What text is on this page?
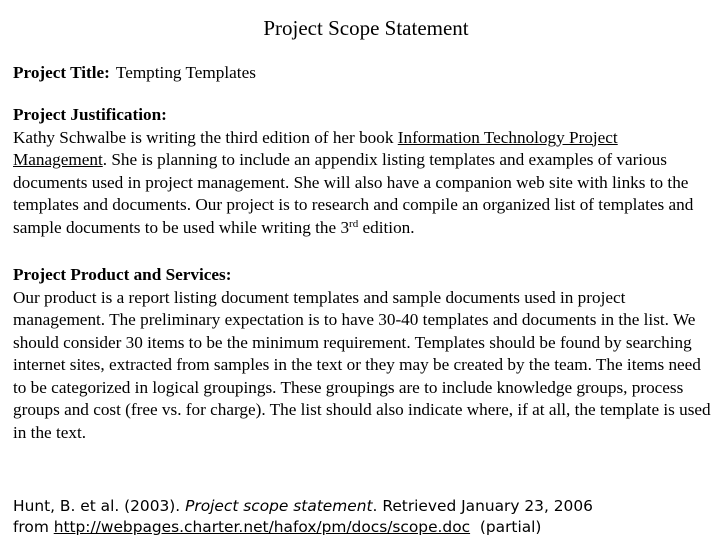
Project Scope Statement
Project Title: Tempting Templates
Project Justification:
Kathy Schwalbe is writing the third edition of her book Information Technology Project Management. She is planning to include an appendix listing templates and examples of various documents used in project management. She will also have a companion web site with links to the templates and documents. Our project is to research and compile an organized list of templates and sample documents to be used while writing the 3rd edition.
Project Product and Services:
Our product is a report listing document templates and sample documents used in project management. The preliminary expectation is to have 30-40 templates and documents in the list. We should consider 30 items to be the minimum requirement. Templates should be found by searching internet sites, extracted from samples in the text or they may be created by the team. The items need to be categorized in logical groupings. These groupings are to include knowledge groups, process groups and cost (free vs. for charge). The list should also indicate where, if at all, the template is used in the text.
Hunt, B. et al. (2003). Project scope statement. Retrieved January 23, 2006
from http://webpages.charter.net/hafox/pm/docs/scope.doc  (partial)
